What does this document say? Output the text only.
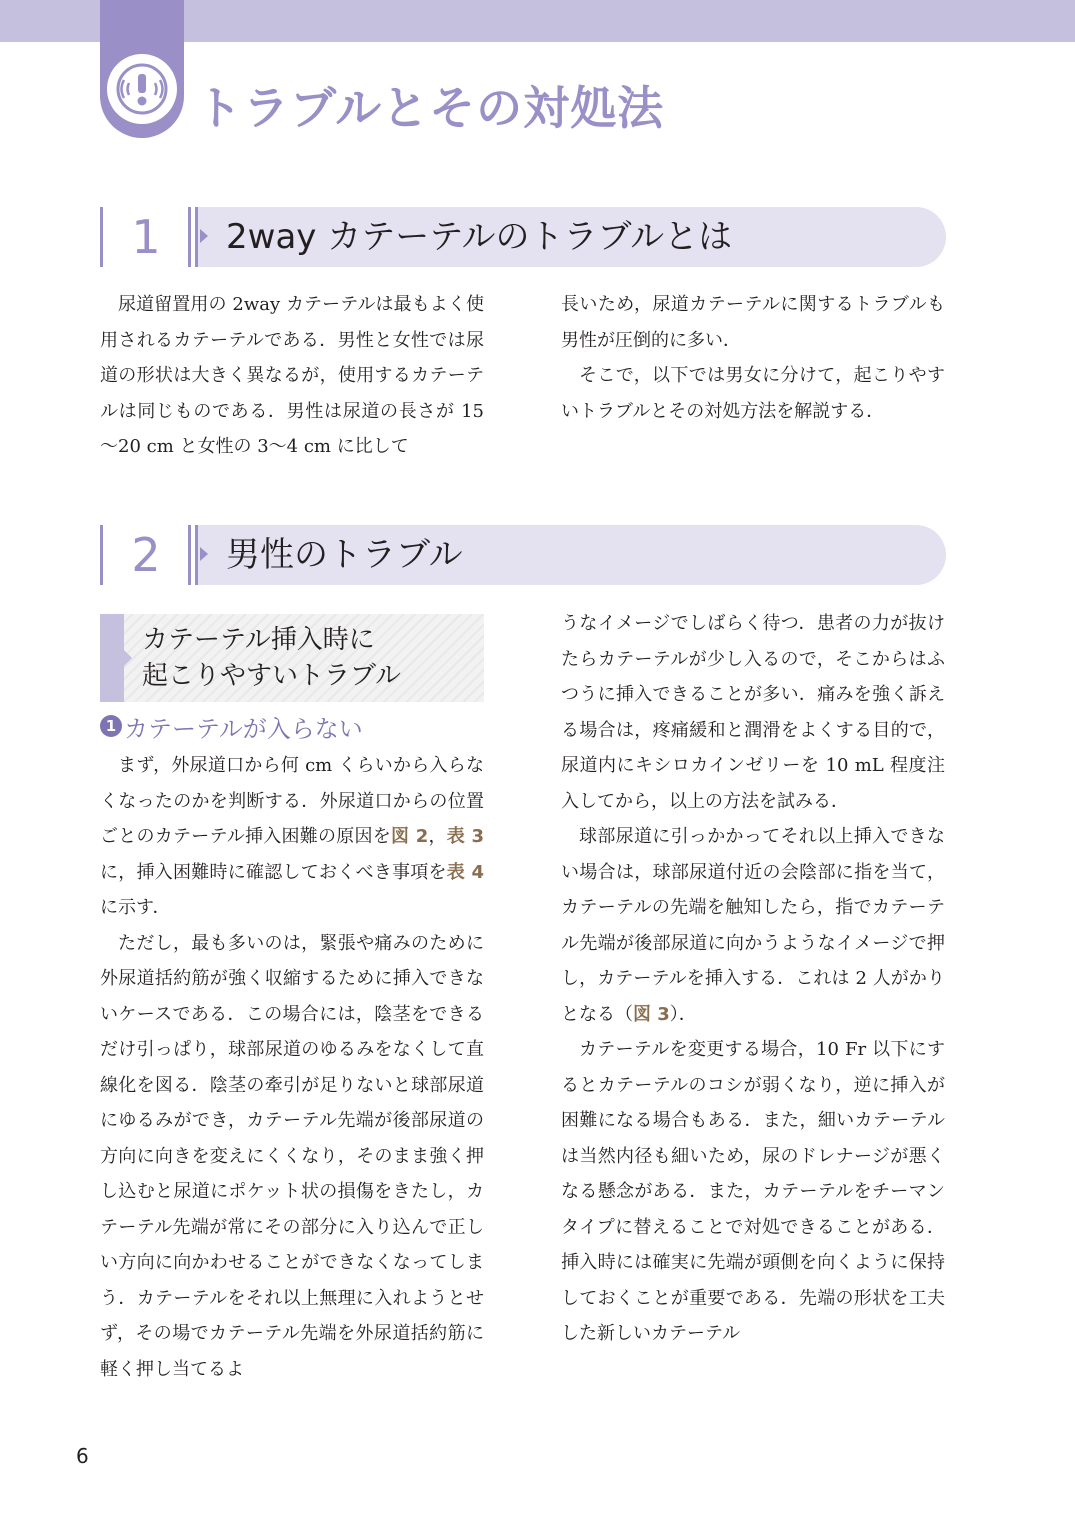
トラブルとその対処法
1	2way カテーテルのトラブルとは

尿道留置用の 2way カテーテルは最もよく使用されるカテーテルである．男性と女性では尿道の形状は大きく異なるが，使用するカテーテルは同じものである．男性は尿道の長さが 15～20 cm と女性の 3～4 cm に比して

長いため，尿道カテーテルに関するトラブルも男性が圧倒的に多い．

そこで，以下では男女に分けて，起こりやすいトラブルとその対処方法を解説する．

2	男性のトラブル
カテーテル挿入時に
起こりやすいトラブル
1 カテーテルが入らない

まず，外尿道口から何 cm くらいから入らなくなったのかを判断する．外尿道口からの位置ごとのカテーテル挿入困難の原因を図 2，表 3に，挿入困難時に確認しておくべき事項を表 4に示す．

ただし，最も多いのは，緊張や痛みのために外尿道括約筋が強く収縮するために挿入できないケースである．この場合には，陰茎をできるだけ引っぱり，球部尿道のゆるみをなくして直線化を図る．陰茎の牽引が足りないと球部尿道にゆるみができ，カテーテル先端が後部尿道の方向に向きを変えにくくなり，そのまま強く押し込むと尿道にポケット状の損傷をきたし，カテーテル先端が常にその部分に入り込んで正しい方向に向かわせることができなくなってしまう．カテーテルをそれ以上無理に入れようとせず，その場でカテーテル先端を外尿道括約筋に軽く押し当てるよ

うなイメージでしばらく待つ．患者の力が抜けたらカテーテルが少し入るので，そこからはふつうに挿入できることが多い．痛みを強く訴える場合は，疼痛緩和と潤滑をよくする目的で，尿道内にキシロカインゼリーを 10 mL 程度注入してから，以上の方法を試みる．

球部尿道に引っかかってそれ以上挿入できない場合は，球部尿道付近の会陰部に指を当て，カテーテルの先端を触知したら，指でカテーテル先端が後部尿道に向かうようなイメージで押し，カテーテルを挿入する．これは 2 人がかりとなる（図 3）．

カテーテルを変更する場合，10 Fr 以下にするとカテーテルのコシが弱くなり，逆に挿入が困難になる場合もある．また，細いカテーテルは当然内径も細いため，尿のドレナージが悪くなる懸念がある．また，カテーテルをチーマンタイプに替えることで対処できることがある．挿入時には確実に先端が頭側を向くように保持しておくことが重要である．先端の形状を工夫した新しいカテーテル

6
